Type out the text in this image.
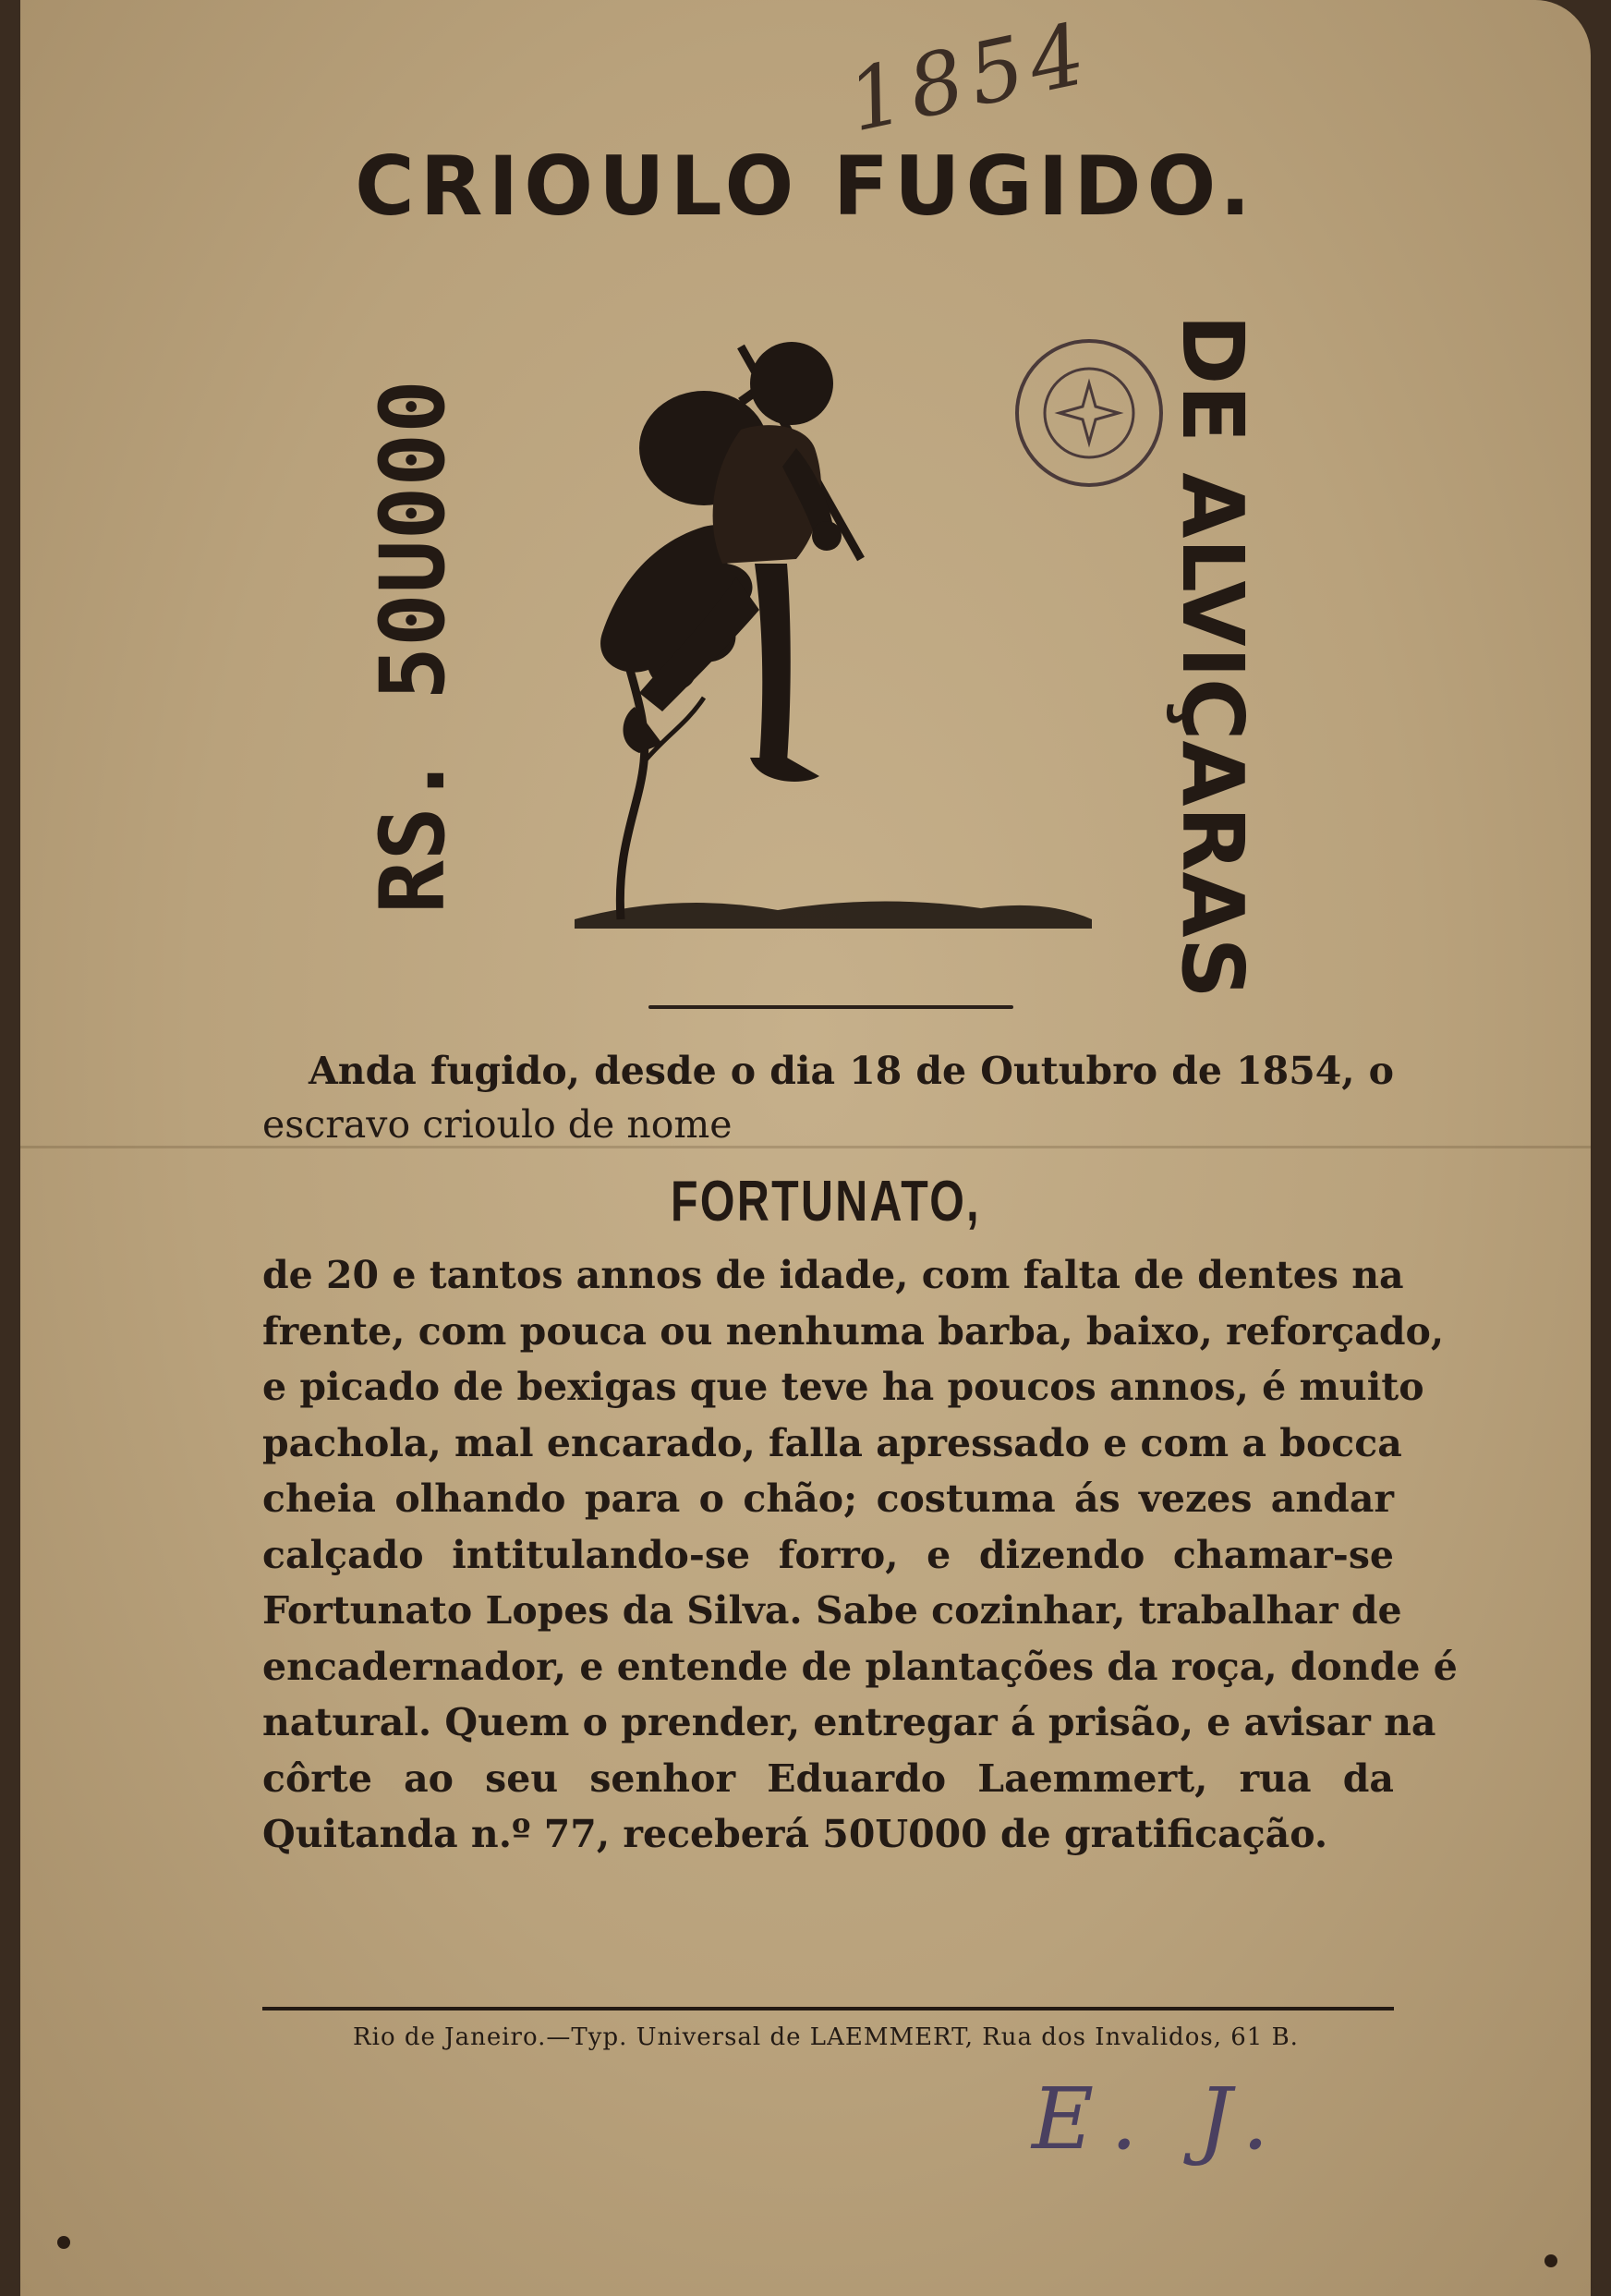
1854
CRIOULO FUGIDO.
RS. 50U000	DE ALVIÇARAS
Anda fugido, desde o dia 18 de Outubro de 1854, o
escravo crioulo de nome
FORTUNATO,
de 20 e tantos annos de idade, com falta de dentes na
frente, com pouca ou nenhuma barba, baixo, reforçado,
e picado de bexigas que teve ha poucos annos, é muito
pachola, mal encarado, falla apressado e com a bocca
cheia olhando para o chão; costuma ás vezes andar
calçado intitulando-se forro, e dizendo chamar-se
Fortunato Lopes da Silva. Sabe cozinhar, trabalhar de
encadernador, e entende de plantações da roça, donde é
natural. Quem o prender, entregar á prisão, e avisar na
côrte ao seu senhor Eduardo Laemmert, rua da
Quitanda n.º 77, receberá 50U000 de gratificação.
Rio de Janeiro.—Typ. Universal de LAEMMERT, Rua dos Invalidos, 61 B.
E. J.
